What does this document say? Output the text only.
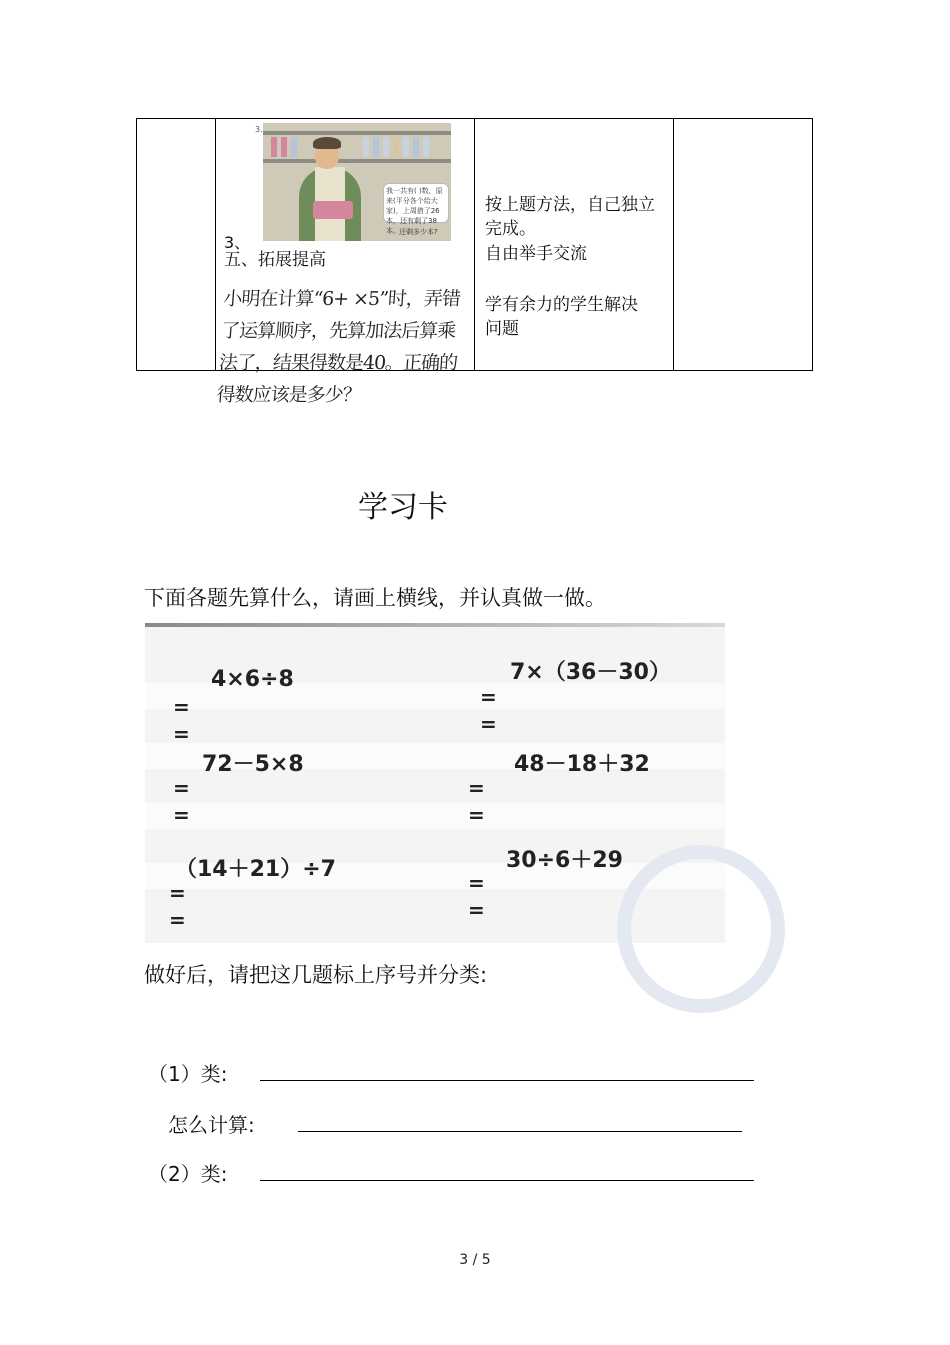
我一共有( )数，原来(平分各个给大家)，上周借了26本，还有剩了38本。 还剩多少本?
3.
3、
五、拓展提高
小明在计算“6+ ×5”时，弄错了运算顺序，先算加法后算乘法了，结果得数是40。正确的得数应该是多少？
按上题方法，自己独立
完成。
自由举手交流
学有余力的学生解决
问题
学习卡
下面各题先算什么，请画上横线，并认真做一做。
4×6÷8
=
=
7×（36－30）
=
=
72－5×8
=
=
48－18＋32
=
=
（14＋21）÷7
=
=
30÷6＋29
=
=
做好后，请把这几题标上序号并分类:
（1）类:
怎么计算:
（2）类:
3 / 5
